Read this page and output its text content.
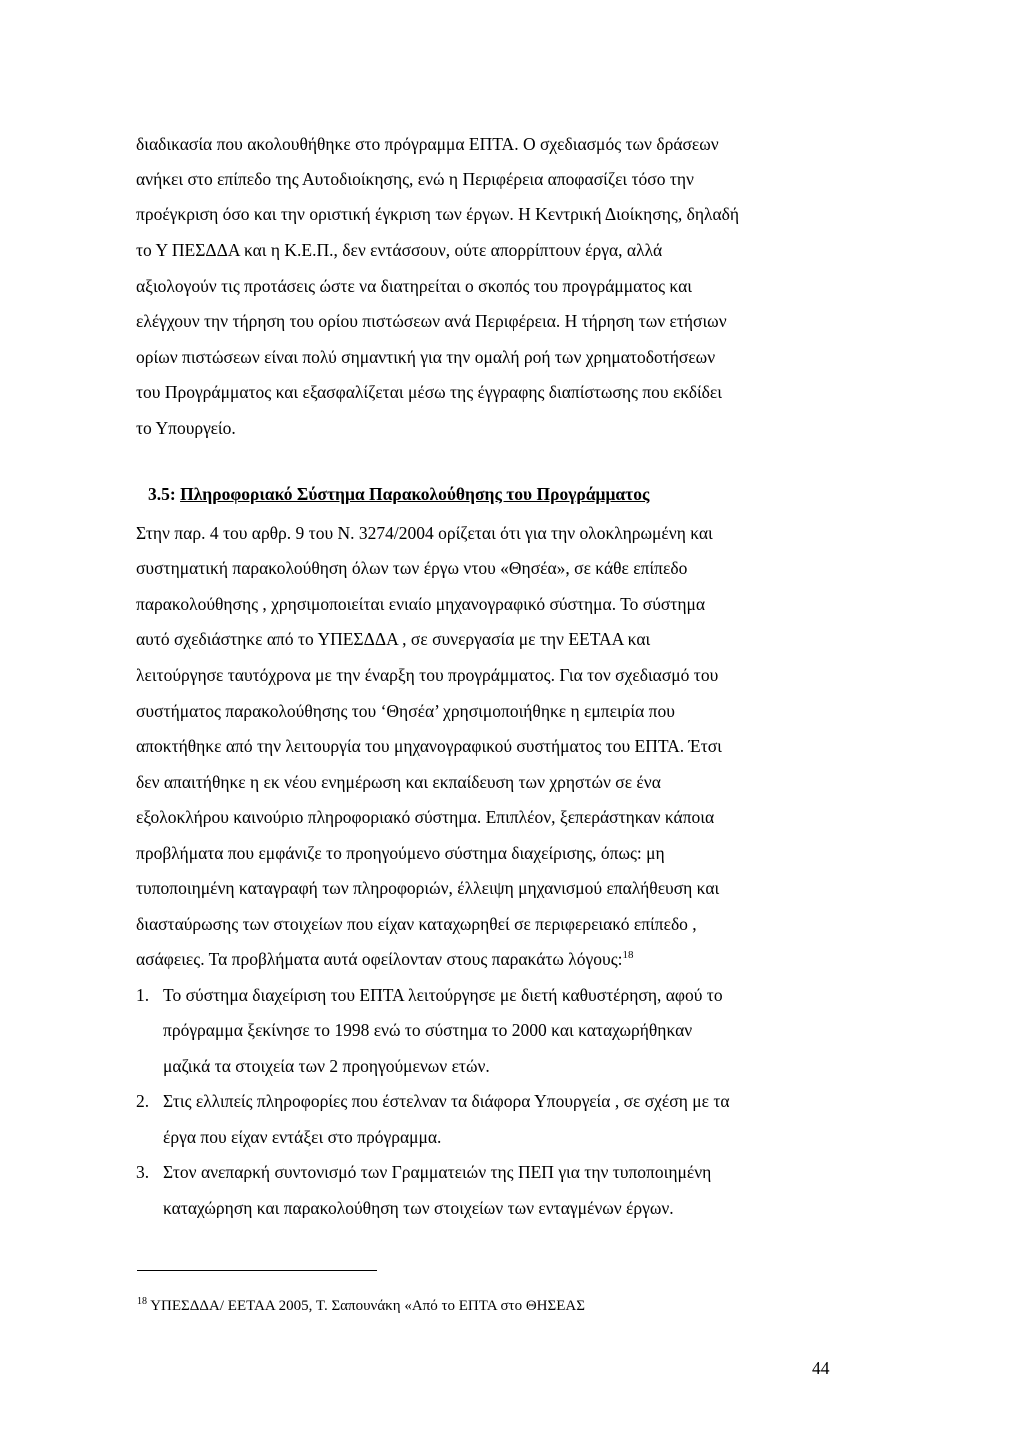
διαδικασία που ακολουθήθηκε στο πρόγραμμα ΕΠΤΑ. Ο σχεδιασμός των δράσεων
ανήκει στο επίπεδο της Αυτοδιοίκησης, ενώ η Περιφέρεια αποφασίζει τόσο την
προέγκριση όσο και την οριστική έγκριση των έργων. Η Κεντρική Διοίκησης, δηλαδή
το Υ ΠΕΣΔΔΑ και η Κ.Ε.Π., δεν εντάσσουν, ούτε απορρίπτουν έργα, αλλά
αξιολογούν τις προτάσεις ώστε να διατηρείται ο σκοπός του προγράμματος και
ελέγχουν την τήρηση του ορίου πιστώσεων ανά Περιφέρεια. Η τήρηση των ετήσιων
ορίων πιστώσεων είναι πολύ σημαντική για την ομαλή ροή των χρηματοδοτήσεων
του Προγράμματος και εξασφαλίζεται μέσω της έγγραφης διαπίστωσης που εκδίδει
το Υπουργείο.
3.5: Πληροφοριακό Σύστημα Παρακολούθησης του Προγράμματος
Στην παρ. 4 του αρθρ. 9 του Ν. 3274/2004 ορίζεται ότι για την ολοκληρωμένη και
συστηματική παρακολούθηση όλων των έργω ντου «Θησέα», σε κάθε επίπεδο
παρακολούθησης , χρησιμοποιείται ενιαίο μηχανογραφικό σύστημα. Το σύστημα
αυτό σχεδιάστηκε από το ΥΠΕΣΔΔΑ , σε συνεργασία με την ΕΕΤΑΑ και
λειτούργησε ταυτόχρονα με την έναρξη του προγράμματος. Για τον σχεδιασμό του
συστήματος παρακολούθησης του ‘Θησέα’ χρησιμοποιήθηκε η εμπειρία που
αποκτήθηκε από την λειτουργία του μηχανογραφικού συστήματος του ΕΠΤΑ. Έτσι
δεν απαιτήθηκε η εκ νέου ενημέρωση και εκπαίδευση των χρηστών σε ένα
εξολοκλήρου καινούριο πληροφοριακό σύστημα. Επιπλέον, ξεπεράστηκαν κάποια
προβλήματα που εμφάνιζε το προηγούμενο σύστημα διαχείρισης, όπως: μη
τυποποιημένη καταγραφή των πληροφοριών, έλλειψη μηχανισμού επαλήθευση και
διασταύρωσης των στοιχείων που είχαν καταχωρηθεί σε περιφερειακό επίπεδο ,
ασάφειες. Τα προβλήματα αυτά οφείλονταν στους παρακάτω λόγους:$^{18}$
1. Το σύστημα διαχείριση του ΕΠΤΑ λειτούργησε με διετή καθυστέρηση, αφού το
πρόγραμμα ξεκίνησε το 1998 ενώ το σύστημα το 2000 και καταχωρήθηκαν
μαζικά τα στοιχεία των 2 προηγούμενων ετών.
2. Στις ελλιπείς πληροφορίες που έστελναν τα διάφορα Υπουργεία , σε σχέση με τα
έργα που είχαν εντάξει στο πρόγραμμα.
3. Στον ανεπαρκή συντονισμό των Γραμματειών της ΠΕΠ για την τυποποιημένη
καταχώρηση και παρακολούθηση των στοιχείων των ενταγμένων έργων.
$^{18}$ ΥΠΕΣΔΔΑ/ ΕΕΤΑΑ 2005, Τ. Σαπουνάκη «Από το ΕΠΤΑ στο ΘΗΣΕΑΣ
44
